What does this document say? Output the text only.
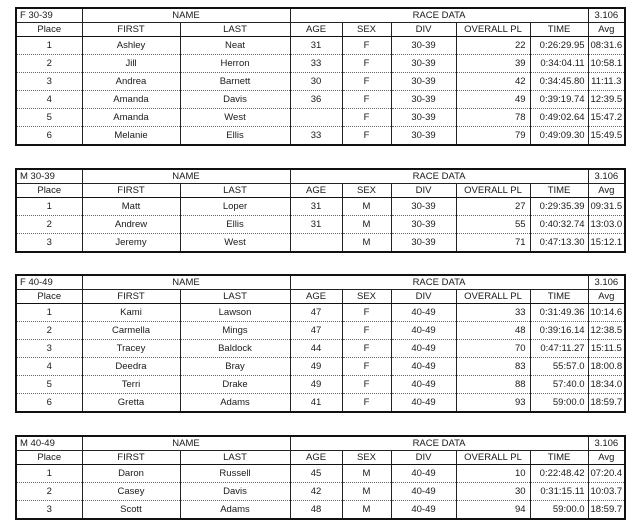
F 30-39	NAME		RACE DATA					3.106
Place	FIRST	LAST	AGE	SEX	DIV	OVERALL PL	TIME	Avg
1	Ashley	Neat	31	F	30-39	22	0:26:29.95	08:31.6
2	Jill	Herron	33	F	30-39	39	0:34:04.11	10:58.1
3	Andrea	Barnett	30	F	30-39	42	0:34:45.80	11:11.3
4	Amanda	Davis	36	F	30-39	49	0:39:19.74	12:39.5
5	Amanda	West		F	30-39	78	0:49:02.64	15:47.2
6	Melanie	Ellis	33	F	30-39	79	0:49:09.30	15:49.5
M 30-39	NAME		RACE DATA					3.106
Place	FIRST	LAST	AGE	SEX	DIV	OVERALL PL	TIME	Avg
1	Matt	Loper	31	M	30-39	27	0:29:35.39	09:31.5
2	Andrew	Ellis	31	M	30-39	55	0:40:32.74	13:03.0
3	Jeremy	West		M	30-39	71	0:47:13.30	15:12.1
F 40-49	NAME		RACE DATA					3.106
Place	FIRST	LAST	AGE	SEX	DIV	OVERALL PL	TIME	Avg
1	Kami	Lawson	47	F	40-49	33	0:31:49.36	10:14.6
2	Carmella	Mings	47	F	40-49	48	0:39:16.14	12:38.5
3	Tracey	Baldock	44	F	40-49	70	0:47:11.27	15:11.5
4	Deedra	Bray	49	F	40-49	83	55:57.0	18:00.8
5	Terri	Drake	49	F	40-49	88	57:40.0	18:34.0
6	Gretta	Adams	41	F	40-49	93	59:00.0	18:59.7
M 40-49	NAME		RACE DATA					3.106
Place	FIRST	LAST	AGE	SEX	DIV	OVERALL PL	TIME	Avg
1	Daron	Russell	45	M	40-49	10	0:22:48.42	07:20.4
2	Casey	Davis	42	M	40-49	30	0:31:15.11	10:03.7
3	Scott	Adams	48	M	40-49	94	59:00.0	18:59.7
